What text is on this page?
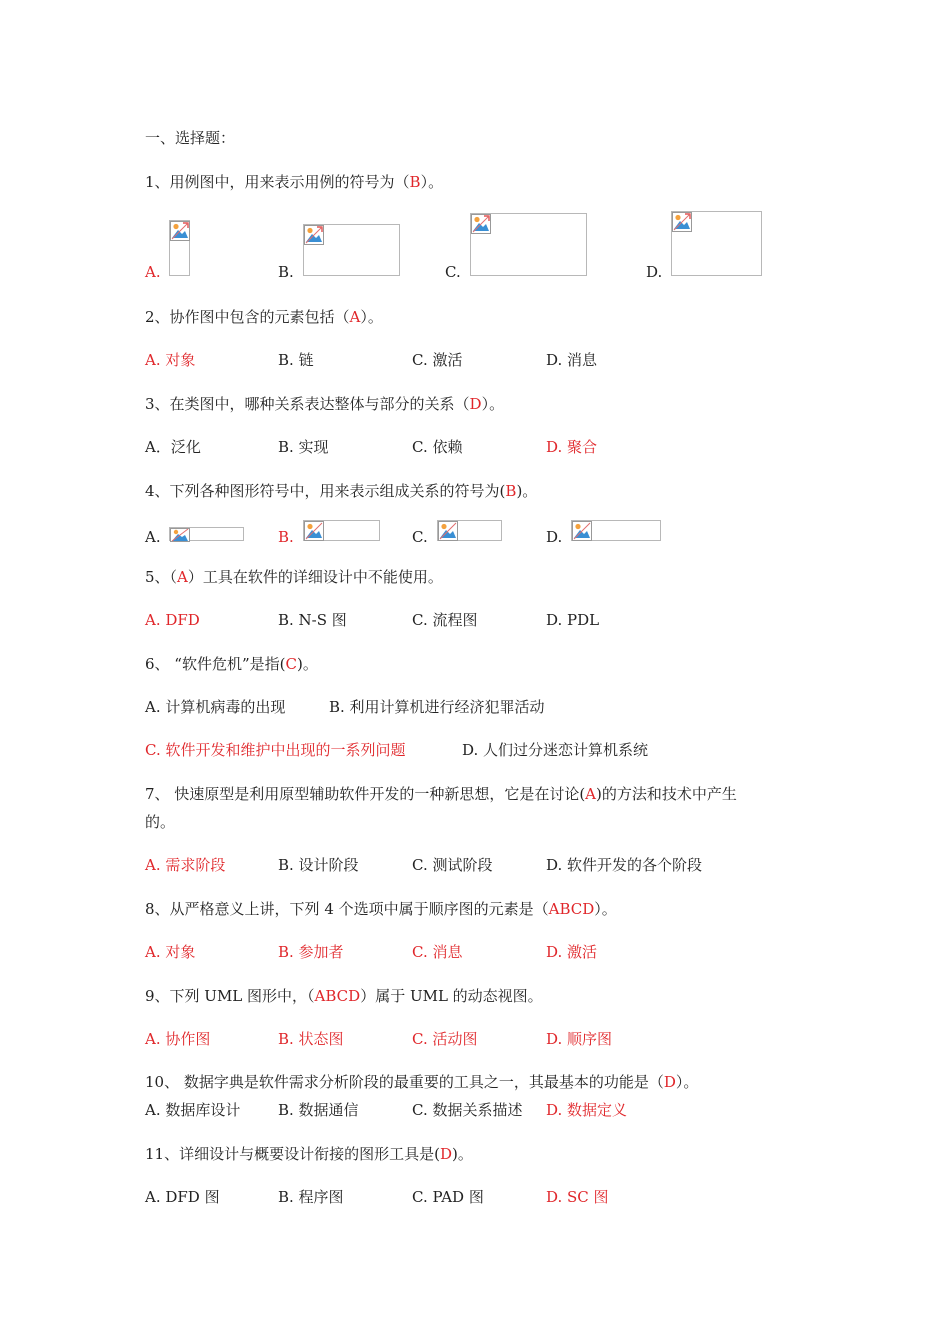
一、选择题：
1、用例图中，用来表示用例的符号为（B）。
A.	B.	C.	D.
2、协作图中包含的元素包括（A）。
A. 对象	B. 链	C. 激活	D. 消息
3、在类图中，哪种关系表达整体与部分的关系（D）。
A．泛化	B. 实现	C. 依赖	D. 聚合
4、下列各种图形符号中，用来表示组成关系的符号为(B)。
A.	B.	C.	D.
5、（A）工具在软件的详细设计中不能使用。
A. DFD	B. N-S 图	C. 流程图	D. PDL
6、 “软件危机”是指(C)。
A. 计算机病毒的出现	B. 利用计算机进行经济犯罪活动
C. 软件开发和维护中出现的一系列问题	D. 人们过分迷恋计算机系统
7、 快速原型是利用原型辅助软件开发的一种新思想，它是在讨论(A)的方法和技术中产生
的。
A. 需求阶段	B. 设计阶段	C. 测试阶段	D. 软件开发的各个阶段
8、从严格意义上讲，下列 4 个选项中属于顺序图的元素是（ABCD）。
A. 对象	B. 参加者	C. 消息	D. 激活
9、下列 UML 图形中，（ABCD）属于 UML 的动态视图。
A. 协作图	B. 状态图	C. 活动图	D. 顺序图
10、 数据字典是软件需求分析阶段的最重要的工具之一，其最基本的功能是（D）。
A. 数据库设计	B. 数据通信	C. 数据关系描述 D. 数据定义
11、详细设计与概要设计衔接的图形工具是(D)。
A. DFD 图	B. 程序图	C. PAD 图	D. SC 图
